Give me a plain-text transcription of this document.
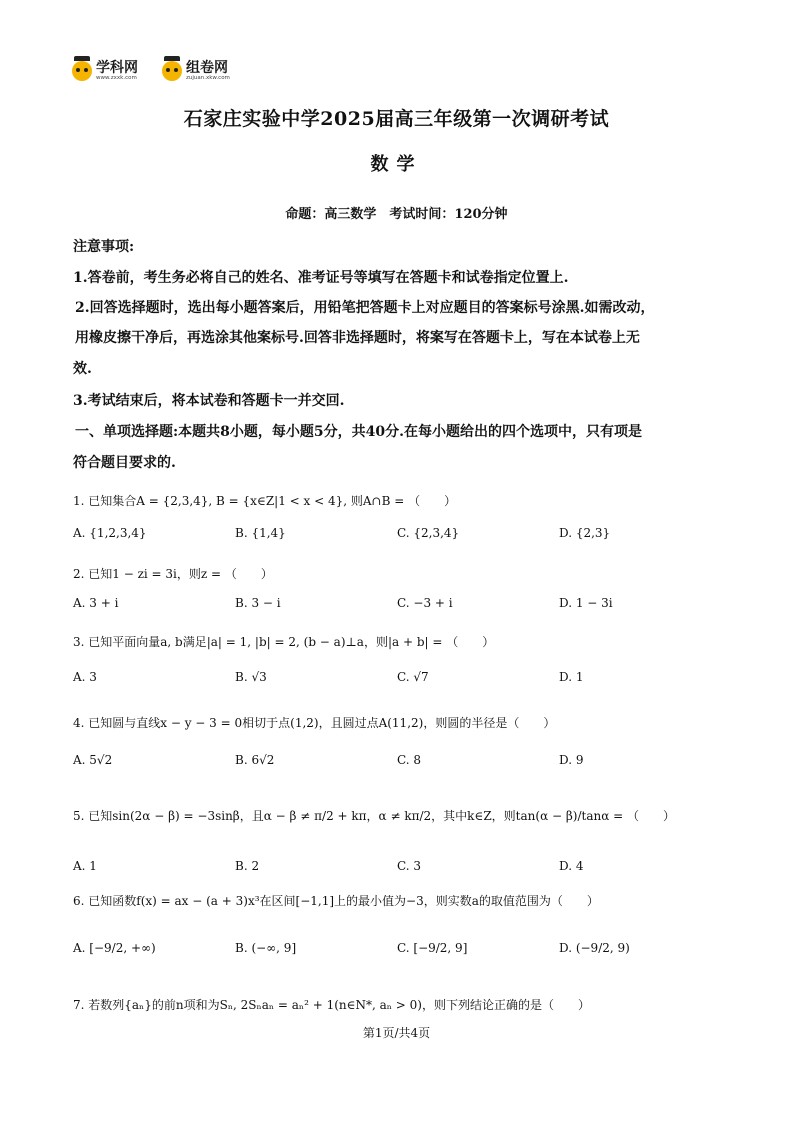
学科网
www.zxxk.com
组卷网
zujuan.xkw.com
石家庄实验中学2025届高三年级第一次调研考试
数学
命题：高三数学　考试时间：120分钟
注意事项:
1.答卷前，考生务必将自己的姓名、准考证号等填写在答题卡和试卷指定位置上.
2.回答选择题时，选出每小题答案后，用铅笔把答题卡上对应题目的答案标号涂黑.如需改动，
用橡皮擦干净后，再选涂其他案标号.回答非选择题时，将案写在答题卡上，写在本试卷上无
效.
3.考试结束后，将本试卷和答题卡一并交回.
一、单项选择题:本题共8小题，每小题5分，共40分.在每小题给出的四个选项中，只有项是
符合题目要求的.
1. 已知集合A = {2,3,4}, B = {x∈Z|1 < x < 4}, 则A∩B = （　　）
A. {1,2,3,4}	B. {1,4}	C. {2,3,4}	D. {2,3}
2. 已知1 − zi = 3i，则z = （　　）
A. 3 + i	B. 3 − i	C. −3 + i	D. 1 − 3i
3. 已知平面向量a, b满足|a| = 1, |b| = 2, (b − a)⊥a，则|a + b| = （　　）
A. 3	B. √3	C. √7	D. 1
4. 已知圆与直线x − y − 3 = 0相切于点(1,2)，且圆过点A(11,2)，则圆的半径是（　　）
A. 5√2	B. 6√2	C. 8	D. 9
5. 已知sin(2α − β) = −3sinβ，且α − β ≠ π/2 + kπ，α ≠ kπ/2，其中k∈Z，则tan(α − β)/tanα = （　　）
A. 1	B. 2	C. 3	D. 4
6. 已知函数f(x) = ax − (a + 3)x³在区间[−1,1]上的最小值为−3，则实数a的取值范围为（　　）
A. [−9/2, +∞)	B. (−∞, 9]	C. [−9/2, 9]	D. (−9/2, 9)
7. 若数列{aₙ}的前n项和为Sₙ, 2Sₙaₙ = aₙ² + 1(n∈N*, aₙ > 0)，则下列结论正确的是（　　）
第1页/共4页
